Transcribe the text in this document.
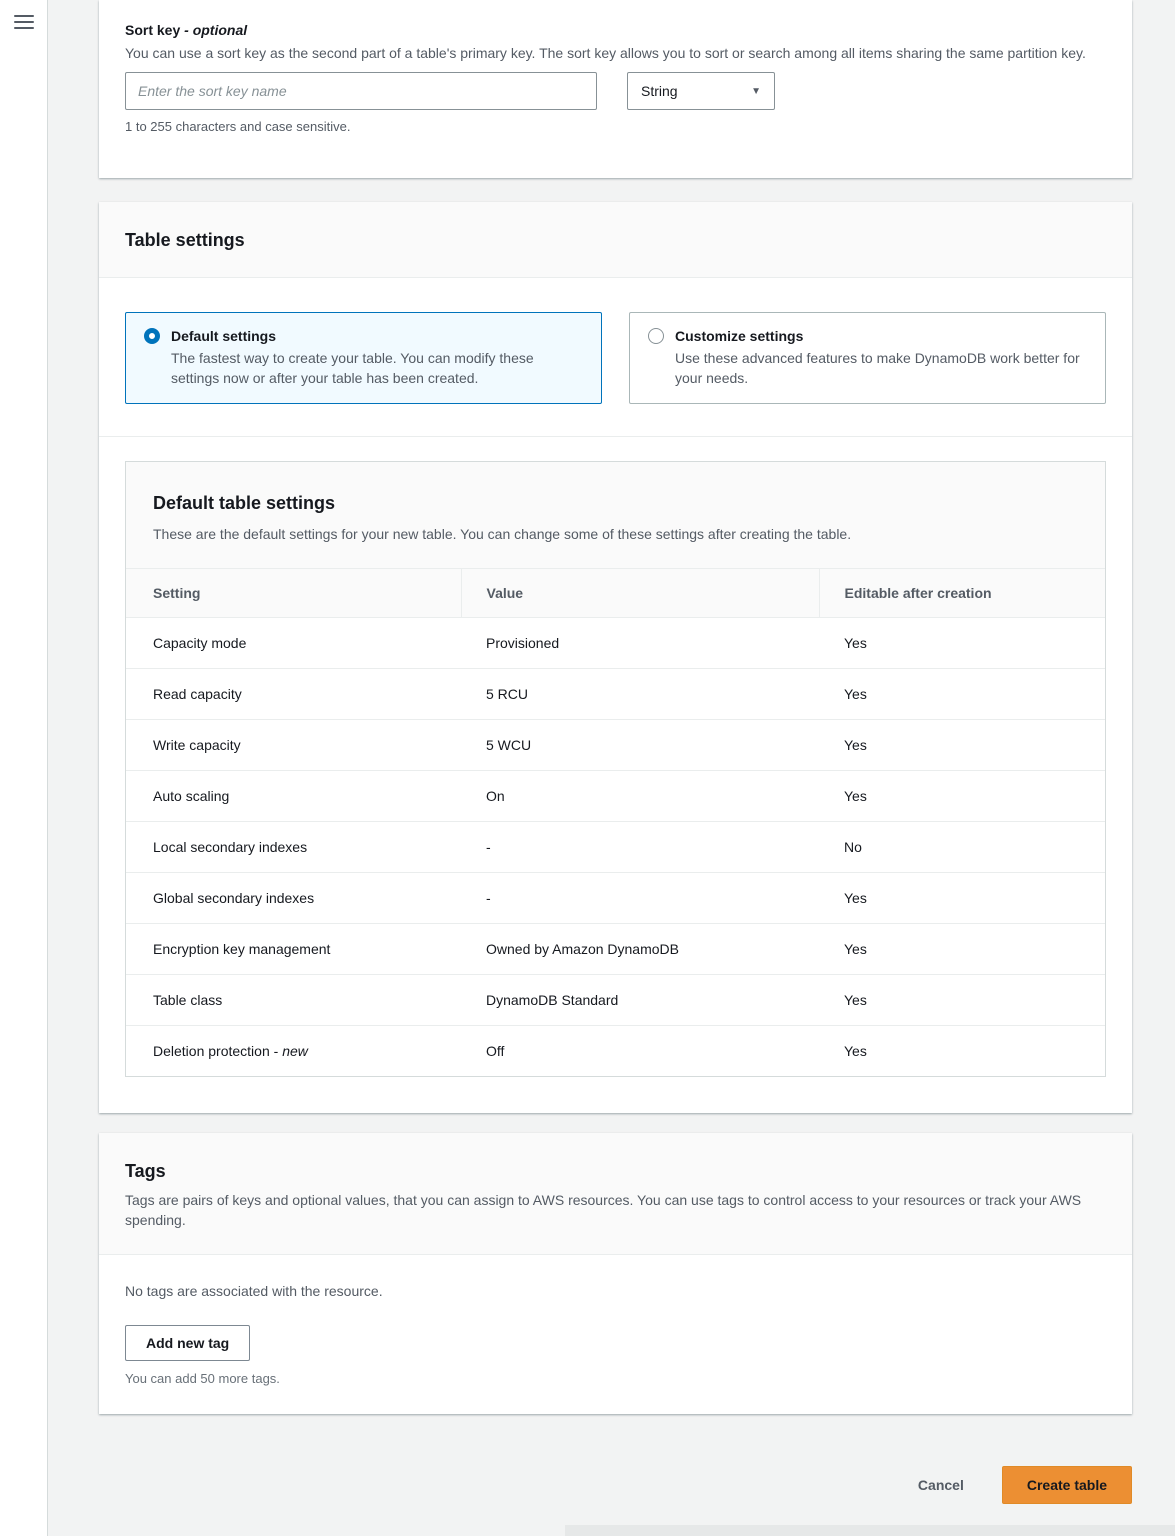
Sort key - optional
You can use a sort key as the second part of a table's primary key. The sort key allows you to sort or search among all items sharing the same partition key.
Enter the sort key name
String	▼
1 to 255 characters and case sensitive.
Table settings
Default settings
The fastest way to create your table. You can modify these settings now or after your table has been created.
Customize settings
Use these advanced features to make DynamoDB work better for your needs.
Default table settings
These are the default settings for your new table. You can change some of these settings after creating the table.
Setting	Value	Editable after creation
Capacity mode	Provisioned	Yes
Read capacity	5 RCU	Yes
Write capacity	5 WCU	Yes
Auto scaling	On	Yes
Local secondary indexes	-	No
Global secondary indexes	-	Yes
Encryption key management	Owned by Amazon DynamoDB	Yes
Table class	DynamoDB Standard	Yes
Deletion protection - new	Off	Yes
Tags
Tags are pairs of keys and optional values, that you can assign to AWS resources. You can use tags to control access to your resources or track your AWS spending.
No tags are associated with the resource.
Add new tag
You can add 50 more tags.
Cancel	Create table
